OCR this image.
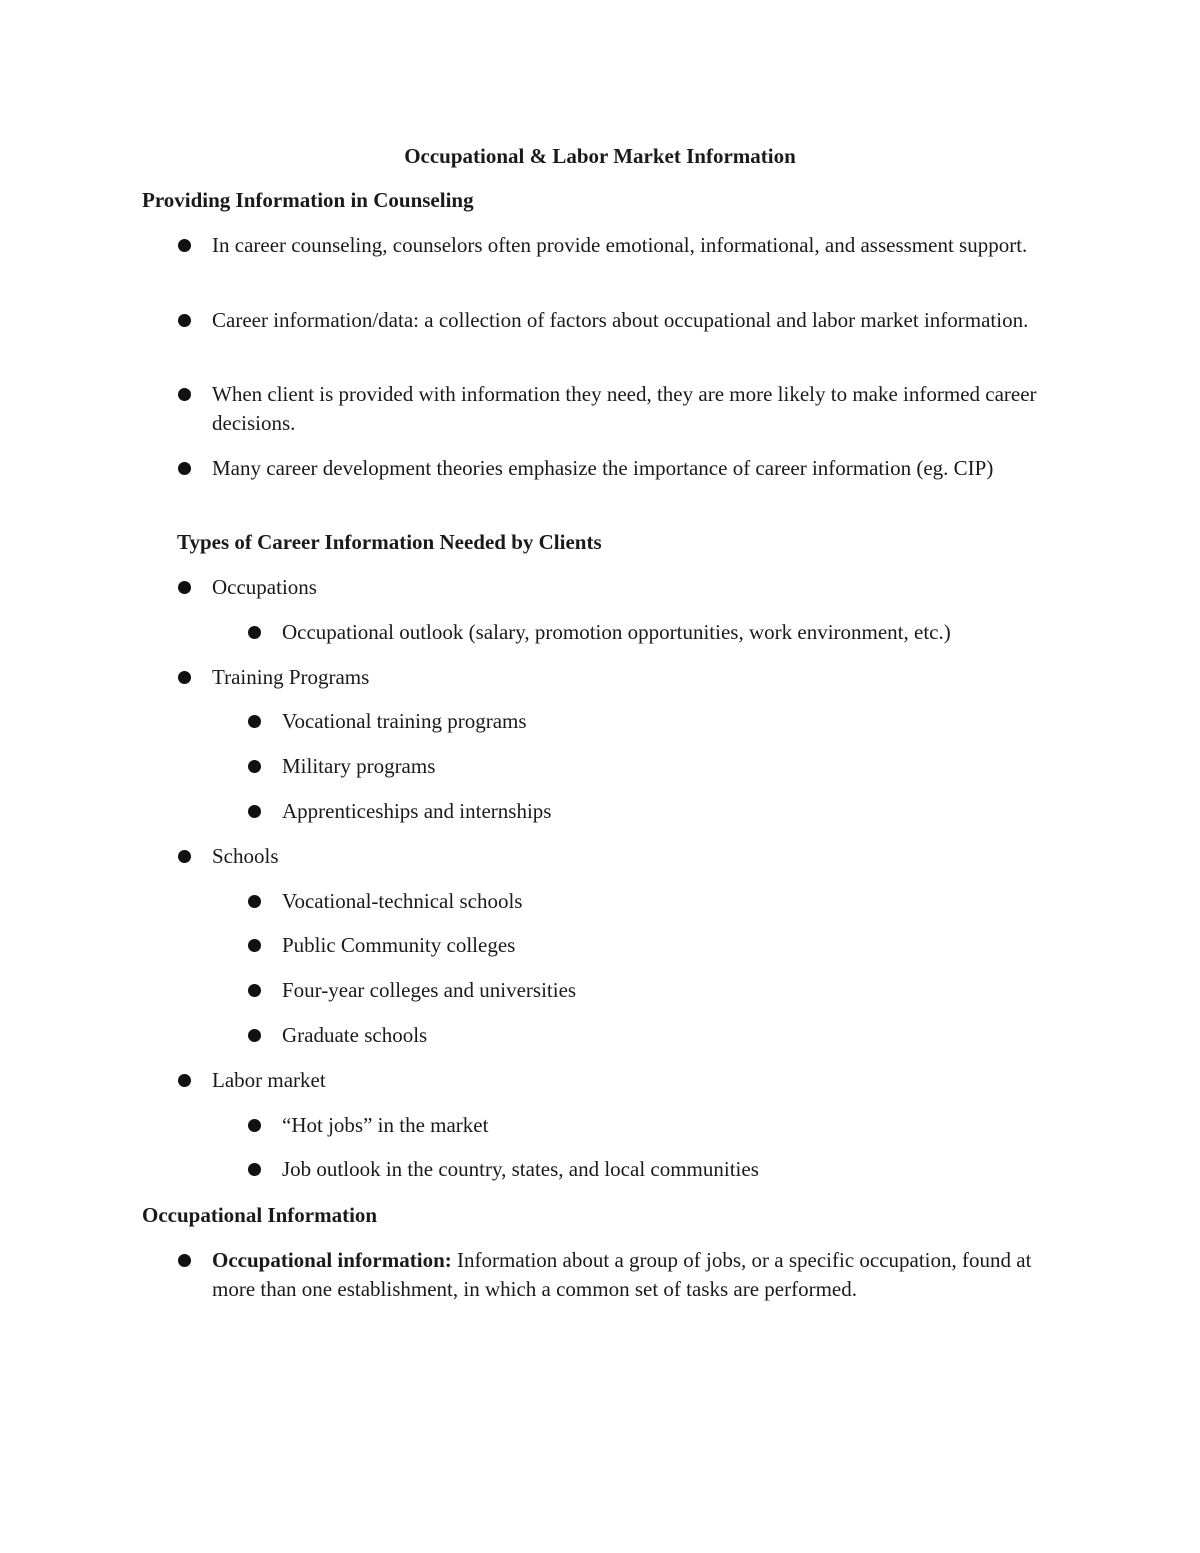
Occupational & Labor Market Information
Providing Information in Counseling
In career counseling, counselors often provide emotional, informational, and assessment support.
Career information/data: a collection of factors about occupational and labor market information.
When client is provided with information they need, they are more likely to make informed career decisions.
Many career development theories emphasize the importance of career information (eg. CIP)
Types of Career Information Needed by Clients
Occupations
Occupational outlook (salary, promotion opportunities, work environment, etc.)
Training Programs
Vocational training programs
Military programs
Apprenticeships and internships
Schools
Vocational-technical schools
Public Community colleges
Four-year colleges and universities
Graduate schools
Labor market
“Hot jobs” in the market
Job outlook in the country, states, and local communities
Occupational Information
Occupational information: Information about a group of jobs, or a specific occupation, found at more than one establishment, in which a common set of tasks are performed.
